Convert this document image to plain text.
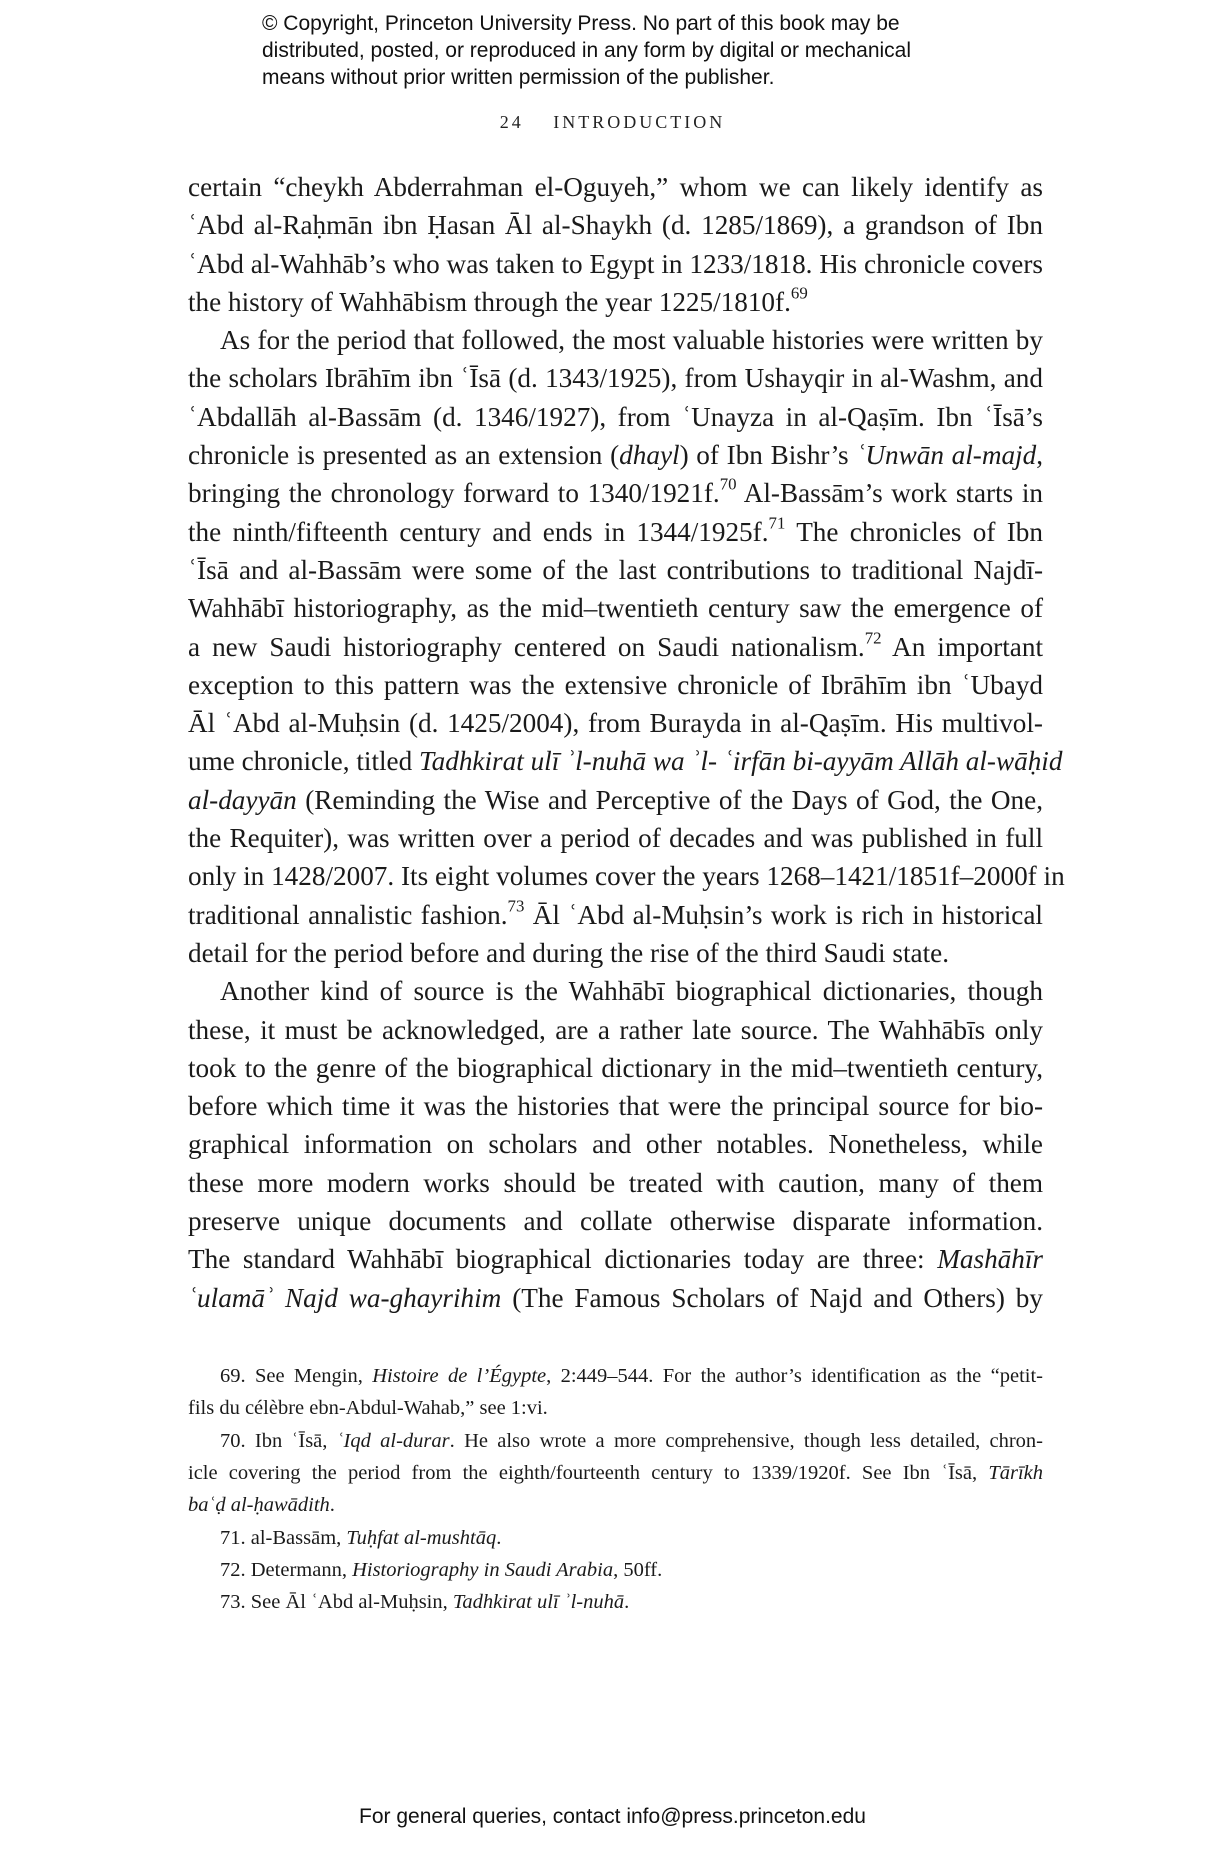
© Copyright, Princeton University Press. No part of this book may be
distributed, posted, or reproduced in any form by digital or mechanical
means without prior written permission of the publisher.
24 INTRODUCTION
certain “cheykh Abderrahman el-Oguyeh,” whom we can likely identify as
ʿAbd al-Raḥmān ibn Ḥasan Āl al-Shaykh (d. 1285/1869), a grandson of Ibn
ʿAbd al-Wahhāb’s who was taken to Egypt in 1233/1818. His chronicle covers
the history of Wahhābism through the year 1225/1810f.$^{69}$
As for the period that followed, the most valuable histories were written by
the scholars Ibrāhīm ibn ʿĪsā (d. 1343/1925), from Ushayqir in al-Washm, and
ʿAbdallāh al-Bassām (d. 1346/1927), from ʿUnayza in al-Qaṣīm. Ibn ʿĪsā’s
chronicle is presented as an extension (dhayl) of Ibn Bishr’s ʿUnwān al-majd,
bringing the chronology forward to 1340/1921f.$^{70}$ Al-Bassām’s work starts in
the ninth/fifteenth century and ends in 1344/1925f.$^{71}$ The chronicles of Ibn
ʿĪsā and al-Bassām were some of the last contributions to traditional Najdī-
Wahhābī historiography, as the mid–twentieth century saw the emergence of
a new Saudi historiography centered on Saudi nationalism.$^{72}$ An important
exception to this pattern was the extensive chronicle of Ibrāhīm ibn ʿUbayd
Āl ʿAbd al-Muḥsin (d. 1425/2004), from Burayda in al-Qaṣīm. His multivol-
ume chronicle, titled Tadhkirat ulī ʾl-nuhā wa ʾl- ʿirfān bi-ayyām Allāh al-wāḥid
al-dayyān (Reminding the Wise and Perceptive of the Days of God, the One,
the Requiter), was written over a period of decades and was published in full
only in 1428/2007. Its eight volumes cover the years 1268–1421/1851f–2000f in
traditional annalistic fashion.$^{73}$ Āl ʿAbd al-Muḥsin’s work is rich in historical
detail for the period before and during the rise of the third Saudi state.
Another kind of source is the Wahhābī biographical dictionaries, though
these, it must be acknowledged, are a rather late source. The Wahhābīs only
took to the genre of the biographical dictionary in the mid–twentieth century,
before which time it was the histories that were the principal source for bio-
graphical information on scholars and other notables. Nonetheless, while
these more modern works should be treated with caution, many of them
preserve unique documents and collate otherwise disparate information.
The standard Wahhābī biographical dictionaries today are three: Mashāhīr
ʿulamāʾ Najd wa-ghayrihim (The Famous Scholars of Najd and Others) by
69. See Mengin, Histoire de l’Égypte, 2:449–544. For the author’s identification as the “petit-
fils du célèbre ebn-Abdul-Wahab,” see 1:vi.
70. Ibn ʿĪsā, ʿIqd al-durar. He also wrote a more comprehensive, though less detailed, chron-
icle covering the period from the eighth/fourteenth century to 1339/1920f. See Ibn ʿĪsā, Tārīkh
baʿḍ al-ḥawādith.
71. al-Bassām, Tuḥfat al-mushtāq.
72. Determann, Historiography in Saudi Arabia, 50ff.
73. See Āl ʿAbd al-Muḥsin, Tadhkirat ulī ʾl-nuhā.
For general queries, contact info@press.princeton.edu
